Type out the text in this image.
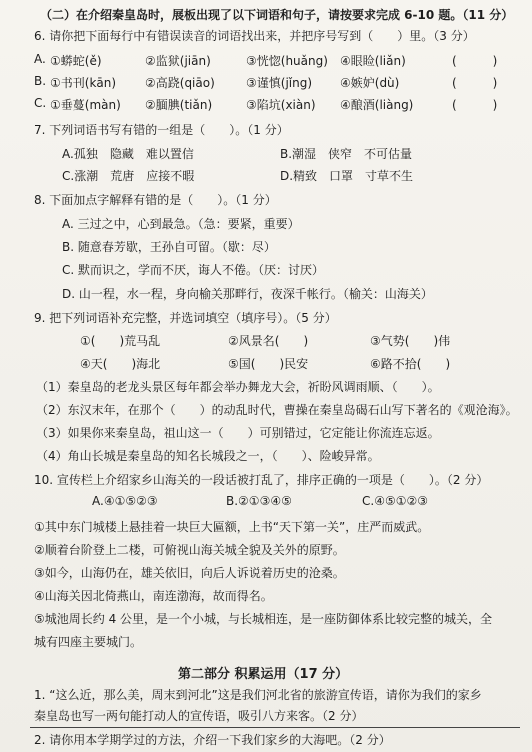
（二）在介绍秦皇岛时，展板出现了以下词语和句子，请按要求完成 6-10 题。（11 分）
6. 请你把下面每行中有错误读音的词语找出来，并把序号写到（　　）里。（3 分）
A. ①蟒蛇(ě)	②监狱(jiān)	③恍惚(huǎng) ④眼睑(liǎn)	(　　　)
B. ①书刊(kān) ②高跷(qiāo)	③谨慎(jǐng) ④嫉妒(dù)	(　　　)
C. ①垂蔓(màn) ②腼腆(tiǎn)	③陷坑(xiàn) ④酿酒(liàng)	(　　　)
7. 下列词语书写有错的一组是（　　）。（1 分）
A.孤独　隐藏　难以置信	B.潮湿　侠窄　不可估量
C.涨潮　荒唐　应接不暇	D.精致　口罩　寸草不生
8. 下面加点字解释有错的是（　　）。（1 分）
A. 三过之中，心到最急。（急：要紧，重要）
B. 随意春芳歇，王孙自可留。（歇：尽）
C. 默而识之，学而不厌，诲人不倦。（厌：讨厌）
D. 山一程，水一程，身向榆关那畔行，夜深千帐行。（榆关：山海关）
9. 把下列词语补充完整，并选词填空（填序号）。（5 分）
①(　　)荒马乱	②风景名(　　)	③气势(　　)伟
④天(　　)海北	⑤国(　　)民安	⑥路不拾(　　)
（1）秦皇岛的老龙头景区每年都会举办舞龙大会，祈盼风调雨顺、（　　）。
（2）东汉末年，在那个（　　）的动乱时代，曹操在秦皇岛碣石山写下著名的《观沧海》。
（3）如果你来秦皇岛，祖山这一（　　）可别错过，它定能让你流连忘返。
（4）角山长城是秦皇岛的知名长城段之一，（　　）、险峻异常。
10. 宣传栏上介绍家乡山海关的一段话被打乱了，排序正确的一项是（　　）。（2 分）
A.④①⑤②③	B.②①③④⑤	C.④⑤①②③
①其中东门城楼上悬挂着一块巨大匾额，上书“天下第一关”，庄严而威武。
②顺着台阶登上二楼，可俯视山海关城全貌及关外的原野。
③如今，山海仍在，雄关依旧，向后人诉说着历史的沧桑。
④山海关因北倚燕山，南连渤海，故而得名。
⑤城池周长约 4 公里，是一个小城，与长城相连，是一座防御体系比较完整的城关，全
城有四座主要城门。
第二部分 积累运用（17 分）
1. “这么近，那么美，周末到河北”这是我们河北省的旅游宣传语，请你为我们的家乡
秦皇岛也写一两句能打动人的宣传语，吸引八方来客。（2 分）
2. 请你用本学期学过的方法，介绍一下我们家乡的大海吧。（2 分）
